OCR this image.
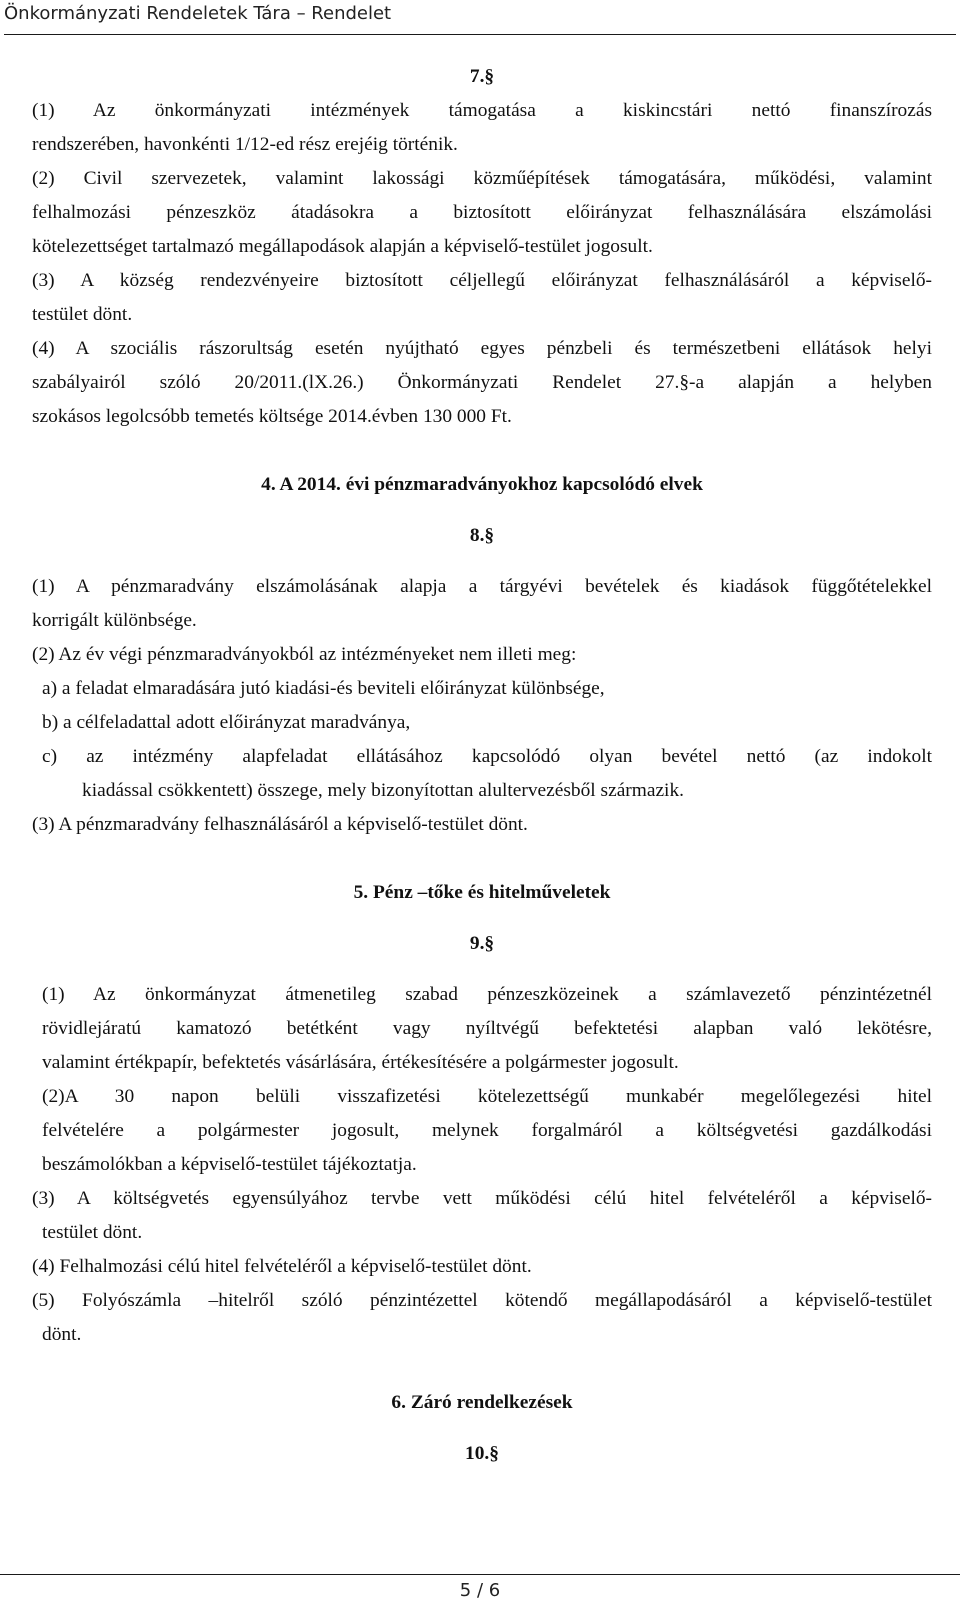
Önkormányzati Rendeletek Tára – Rendelet

7.§

(1) Az önkormányzati intézmények támogatása a kiskincstári nettó finanszírozás

rendszerében, havonkénti 1/12-ed rész erejéig történik.

(2) Civil szervezetek, valamint lakossági közműépítések támogatására, működési, valamint

felhalmozási pénzeszköz átadásokra a biztosított előirányzat felhasználására elszámolási

kötelezettséget tartalmazó megállapodások alapján a képviselő-testület jogosult.

(3) A község rendezvényeire biztosított céljellegű előirányzat felhasználásáról a képviselő-

testület dönt.

(4) A szociális rászorultság esetén nyújtható egyes pénzbeli és természetbeni ellátások helyi

szabályairól szóló 20/2011.(lX.26.) Önkormányzati Rendelet 27.§-a alapján a helyben

szokásos legolcsóbb temetés költsége 2014.évben 130 000 Ft.

4. A 2014. évi pénzmaradványokhoz kapcsolódó elvek

8.§

(1) A pénzmaradvány elszámolásának alapja a tárgyévi bevételek és kiadások függőtételekkel

korrigált különbsége.

(2) Az év végi pénzmaradványokból az intézményeket nem illeti meg:

a) a feladat elmaradására jutó kiadási-és beviteli előirányzat különbsége,

b) a célfeladattal adott előirányzat maradványa,

c) az intézmény alapfeladat ellátásához kapcsolódó olyan bevétel nettó (az indokolt

kiadással csökkentett) összege, mely bizonyítottan alultervezésből származik.

(3) A pénzmaradvány felhasználásáról a képviselő-testület dönt.

5. Pénz –tőke és hitelműveletek

9.§

(1) Az önkormányzat átmenetileg szabad pénzeszközeinek a számlavezető pénzintézetnél

rövidlejáratú kamatozó betétként vagy nyíltvégű befektetési alapban való lekötésre,

valamint értékpapír, befektetés vásárlására, értékesítésére a polgármester jogosult.

(2)A 30 napon belüli visszafizetési kötelezettségű munkabér megelőlegezési hitel

felvételére a polgármester jogosult, melynek forgalmáról a költségvetési gazdálkodási

beszámolókban a képviselő-testület tájékoztatja.

(3) A költségvetés egyensúlyához tervbe vett működési célú hitel felvételéről a képviselő-

testület dönt.

(4) Felhalmozási célú hitel felvételéről a képviselő-testület dönt.

(5) Folyószámla –hitelről szóló pénzintézettel kötendő megállapodásáról a képviselő-testület

dönt.

6. Záró rendelkezések

10.§

5 / 6
